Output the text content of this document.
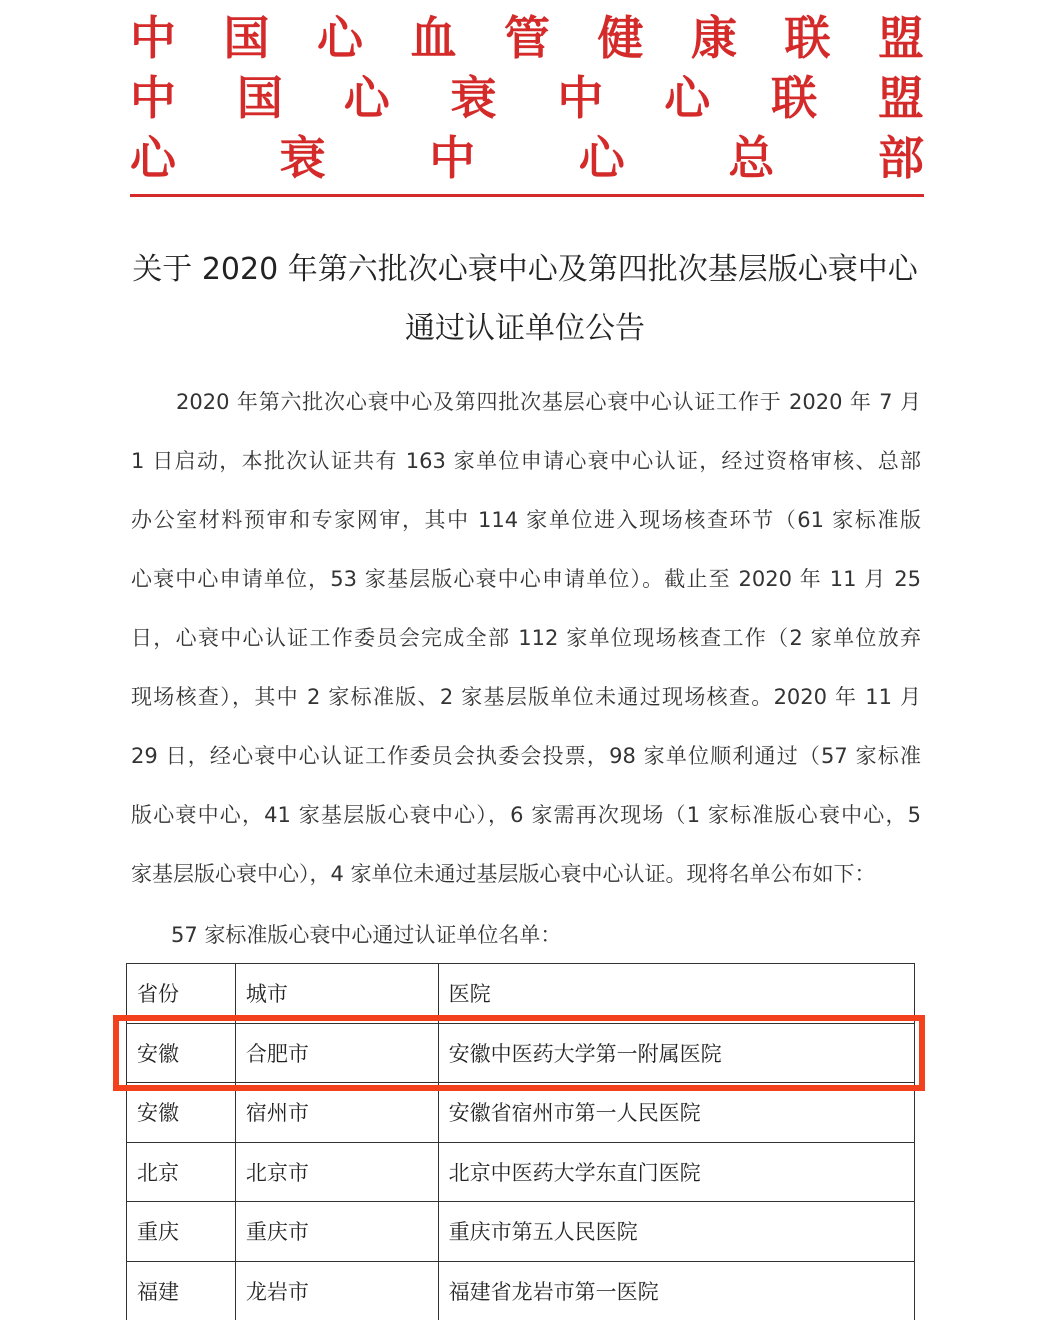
中 国 心 血 管 健 康 联 盟
中 国 心 衰 中 心 联 盟
心 衰 中 心 总 部
关于 2020 年第六批次心衰中心及第四批次基层版心衰中心
通过认证单位公告
2020 年第六批次心衰中心及第四批次基层心衰中心认证工作于 2020 年 7 月
1 日启动，本批次认证共有 163 家单位申请心衰中心认证，经过资格审核、总部
办公室材料预审和专家网审，其中 114 家单位进入现场核查环节（61 家标准版
心衰中心申请单位，53 家基层版心衰中心申请单位）。截止至 2020 年 11 月 25
日，心衰中心认证工作委员会完成全部 112 家单位现场核查工作（2 家单位放弃
现场核查），其中 2 家标准版、2 家基层版单位未通过现场核查。2020 年 11 月
29 日，经心衰中心认证工作委员会执委会投票，98 家单位顺利通过（57 家标准
版心衰中心，41 家基层版心衰中心），6 家需再次现场（1 家标准版心衰中心，5
家基层版心衰中心），4 家单位未通过基层版心衰中心认证。现将名单公布如下：
57 家标准版心衰中心通过认证单位名单：
省份	城市	医院
安徽	合肥市	安徽中医药大学第一附属医院
安徽	宿州市	安徽省宿州市第一人民医院
北京	北京市	北京中医药大学东直门医院
重庆	重庆市	重庆市第五人民医院
福建	龙岩市	福建省龙岩市第一医院
